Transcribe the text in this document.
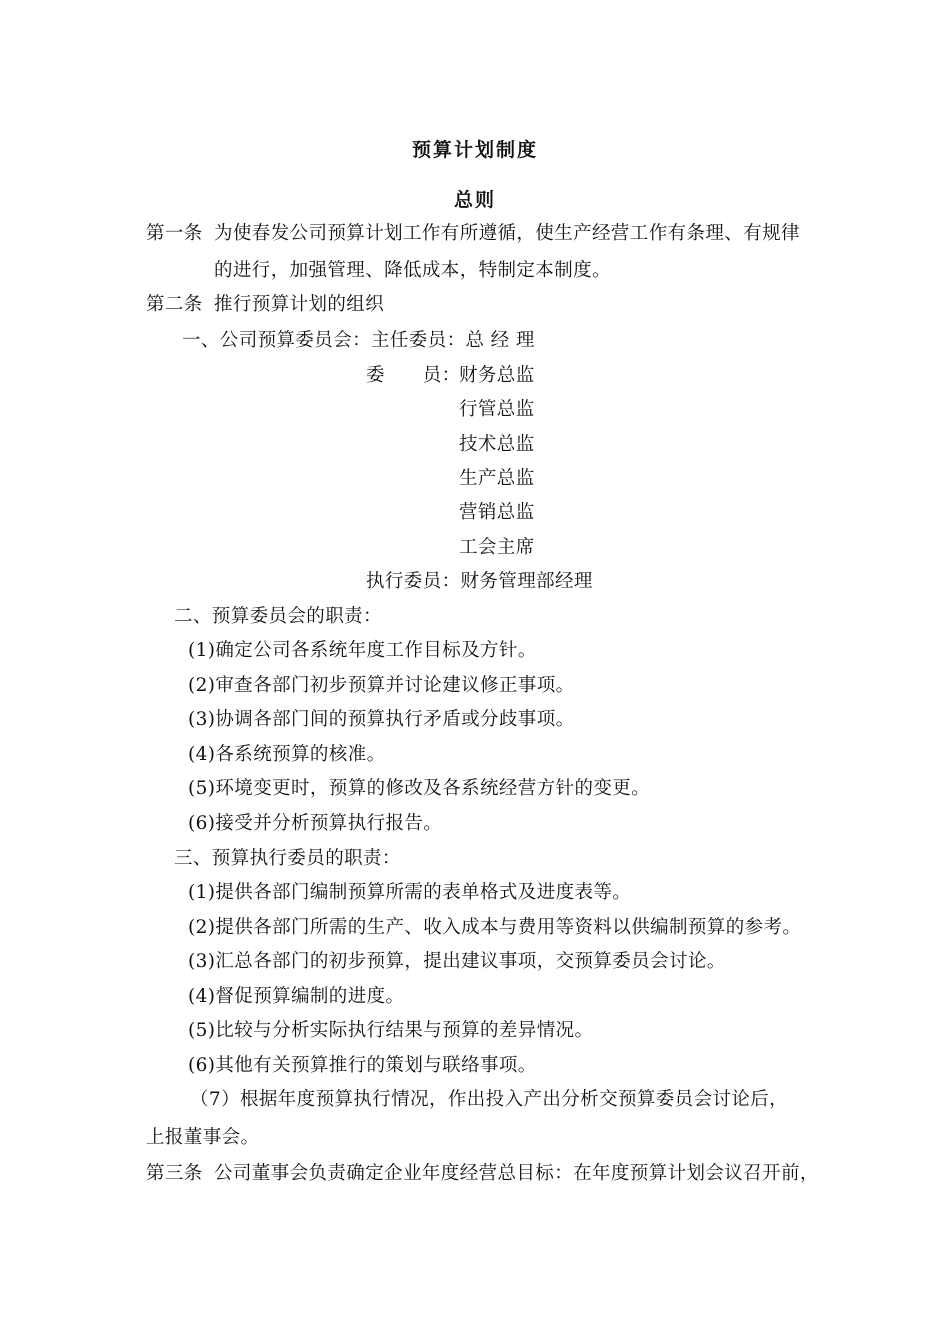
预算计划制度
总则
第一条 为使春发公司预算计划工作有所遵循，使生产经营工作有条理、有规律
的进行，加强管理、降低成本，特制定本制度。
第二条 推行预算计划的组织
一、公司预算委员会：主任委员：总 经 理
委　　员：
财务总监
行管总监
技术总监
生产总监
营销总监
工会主席
执行委员：财务管理部经理
二、预算委员会的职责：
(1)确定公司各系统年度工作目标及方针。
(2)审查各部门初步预算并讨论建议修正事项。
(3)协调各部门间的预算执行矛盾或分歧事项。
(4)各系统预算的核准。
(5)环境变更时，预算的修改及各系统经营方针的变更。
(6)接受并分析预算执行报告。
三、预算执行委员的职责：
(1)提供各部门编制预算所需的表单格式及进度表等。
(2)提供各部门所需的生产、收入成本与费用等资料以供编制预算的参考。
(3)汇总各部门的初步预算，提出建议事项，交预算委员会讨论。
(4)督促预算编制的进度。
(5)比较与分析实际执行结果与预算的差异情况。
(6)其他有关预算推行的策划与联络事项。
（7）根据年度预算执行情况，作出投入产出分析交预算委员会讨论后，
上报董事会。
第三条 公司董事会负责确定企业年度经营总目标：在年度预算计划会议召开前，
